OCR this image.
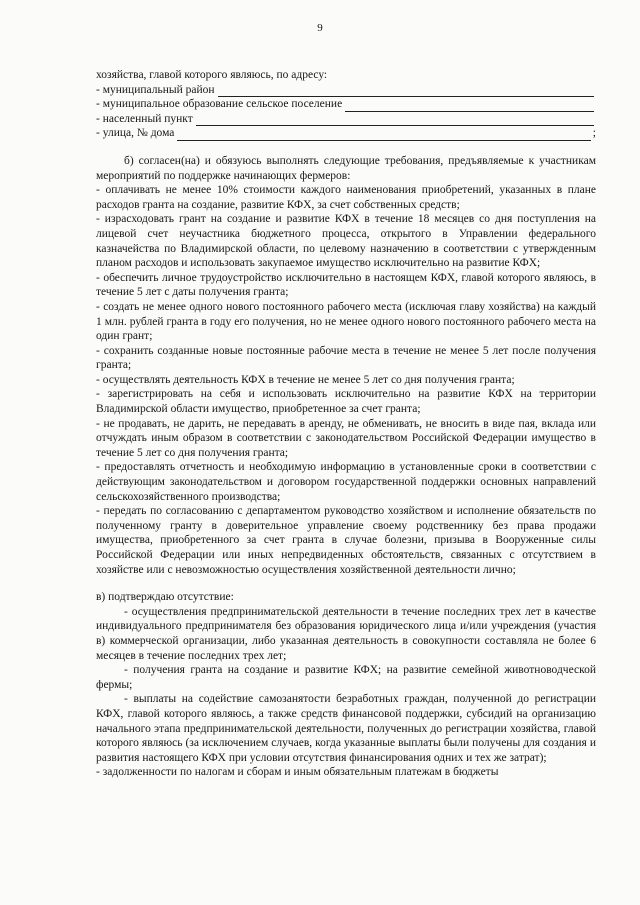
9

хозяйства, главой которого являюсь, по адресу:

- муниципальный район
- муниципальное образование сельское поселение
- населенный пункт
- улица, № дома	;

б) согласен(на) и обязуюсь выполнять следующие требования, предъявляемые к участникам мероприятий по поддержке начинающих фермеров:

- оплачивать не менее 10% стоимости каждого наименования приобретений, указанных в плане расходов гранта на создание, развитие КФХ, за счет собственных средств;

- израсходовать грант на создание и развитие КФХ в течение 18 месяцев со дня поступления на лицевой счет неучастника бюджетного процесса, открытого в Управлении федерального казначейства по Владимирской области, по целевому назначению в соответствии с утвержденным планом расходов и использовать закупаемое имущество исключительно на развитие КФХ;

- обеспечить личное трудоустройство исключительно в настоящем КФХ, главой которого являюсь, в течение 5 лет с даты получения гранта;

- создать не менее одного нового постоянного рабочего места (исключая главу хозяйства) на каждый 1 млн. рублей гранта в году его получения, но не менее одного нового постоянного рабочего места на один грант;

- сохранить созданные новые постоянные рабочие места в течение не менее 5 лет после получения гранта;

- осуществлять деятельность КФХ в течение не менее 5 лет со дня получения гранта;

- зарегистрировать на себя и использовать исключительно на развитие КФХ на территории Владимирской области имущество, приобретенное за счет гранта;

- не продавать, не дарить, не передавать в аренду, не обменивать, не вносить в виде пая, вклада или отчуждать иным образом в соответствии с законодательством Российской Федерации имущество в течение 5 лет со дня получения гранта;

- предоставлять отчетность и необходимую информацию в установленные сроки в соответствии с действующим законодательством и договором государственной поддержки основных направлений сельскохозяйственного производства;

- передать по согласованию с департаментом руководство хозяйством и исполнение обязательств по полученному гранту в доверительное управление своему родственнику без права продажи имущества, приобретенного за счет гранта в случае болезни, призыва в Вооруженные силы Российской Федерации или иных непредвиденных обстоятельств, связанных с отсутствием в хозяйстве или с невозможностью осуществления хозяйственной деятельности лично;

в) подтверждаю отсутствие:

- осуществления предпринимательской деятельности в течение последних трех лет в качестве индивидуального предпринимателя без образования юридического лица и/или учреждения (участия в) коммерческой организации, либо указанная деятельность в совокупности составляла не более 6 месяцев в течение последних трех лет;

- получения гранта на создание и развитие КФХ; на развитие семейной животноводческой фермы;

- выплаты на содействие самозанятости безработных граждан, полученной до регистрации КФХ, главой которого являюсь, а также средств финансовой поддержки, субсидий на организацию начального этапа предпринимательской деятельности, полученных до регистрации хозяйства, главой которого являюсь (за исключением случаев, когда указанные выплаты были получены для создания и развития настоящего КФХ при условии отсутствия финансирования одних и тех же затрат);

- задолженности по налогам и сборам и иным обязательным платежам в бюджеты
